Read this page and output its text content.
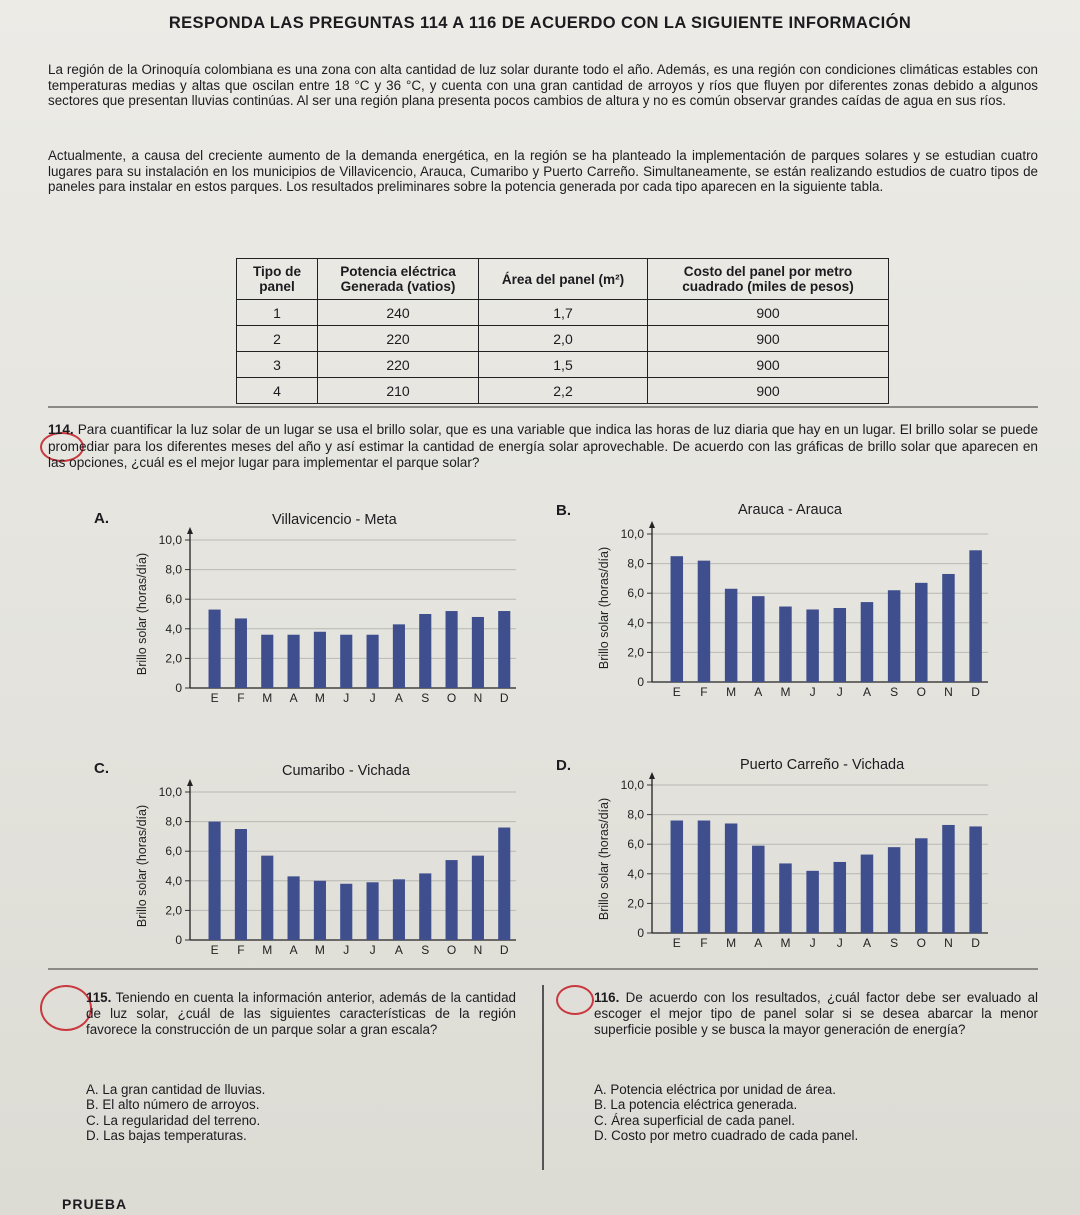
RESPONDA LAS PREGUNTAS 114 A 116 DE ACUERDO CON LA SIGUIENTE INFORMACIÓN
La región de la Orinoquía colombiana es una zona con alta cantidad de luz solar durante todo el año. Además, es una región con condiciones climáticas estables con temperaturas medias y altas que oscilan entre 18 °C y 36 °C, y cuenta con una gran cantidad de arroyos y ríos que fluyen por diferentes zonas debido a algunos sectores que presentan lluvias continúas. Al ser una región plana presenta pocos cambios de altura y no es común observar grandes caídas de agua en sus ríos.
Actualmente, a causa del creciente aumento de la demanda energética, en la región se ha planteado la implementación de parques solares y se estudian cuatro lugares para su instalación en los municipios de Villavicencio, Arauca, Cumaribo y Puerto Carreño. Simultaneamente, se están realizando estudios de cuatro tipos de paneles para instalar en estos parques. Los resultados preliminares sobre la potencia generada por cada tipo aparecen en la siguiente tabla.
Tipo de panel	Potencia eléctrica Generada (vatios)	Área del panel (m²)	Costo del panel por metro cuadrado (miles de pesos)
1	240	1,7	900
2	220	2,0	900
3	220	1,5	900
4	210	2,2	900
114. Para cuantificar la luz solar de un lugar se usa el brillo solar, que es una variable que indica las horas de luz diaria que hay en un lugar. El brillo solar se puede promediar para los diferentes meses del año y así estimar la cantidad de energía solar aprovechable. De acuerdo con las gráficas de brillo solar que aparecen en las opciones, ¿cuál es el mejor lugar para implementar el parque solar?
A.	Villavicencio - Meta
0
2,0
4,0
6,0
8,0
10,0
Brillo solar (horas/día)
E F M A M J J A S O N D
B.	Arauca - Arauca
0
2,0
4,0
6,0
8,0
10,0
Brillo solar (horas/día)
E F M A M J J A S O N D
C.	Cumaribo - Vichada
0
2,0
4,0
6,0
8,0
10,0
Brillo solar (horas/día)
E F M A M J J A S O N D
D.	Puerto Carreño - Vichada
0
2,0
4,0
6,0
8,0
10,0
Brillo solar (horas/día)
E F M A M J J A S O N D
115. Teniendo en cuenta la información anterior, además de la cantidad de luz solar, ¿cuál de las siguientes características de la región favorece la construcción de un parque solar a gran escala?
A. La gran cantidad de lluvias.
B. El alto número de arroyos.
C. La regularidad del terreno.
D. Las bajas temperaturas.
116. De acuerdo con los resultados, ¿cuál factor debe ser evaluado al escoger el mejor tipo de panel solar si se desea abarcar la menor superficie posible y se busca la mayor generación de energía?
A. Potencia eléctrica por unidad de área.
B. La potencia eléctrica generada.
C. Área superficial de cada panel.
D. Costo por metro cuadrado de cada panel.
PRUEBA
